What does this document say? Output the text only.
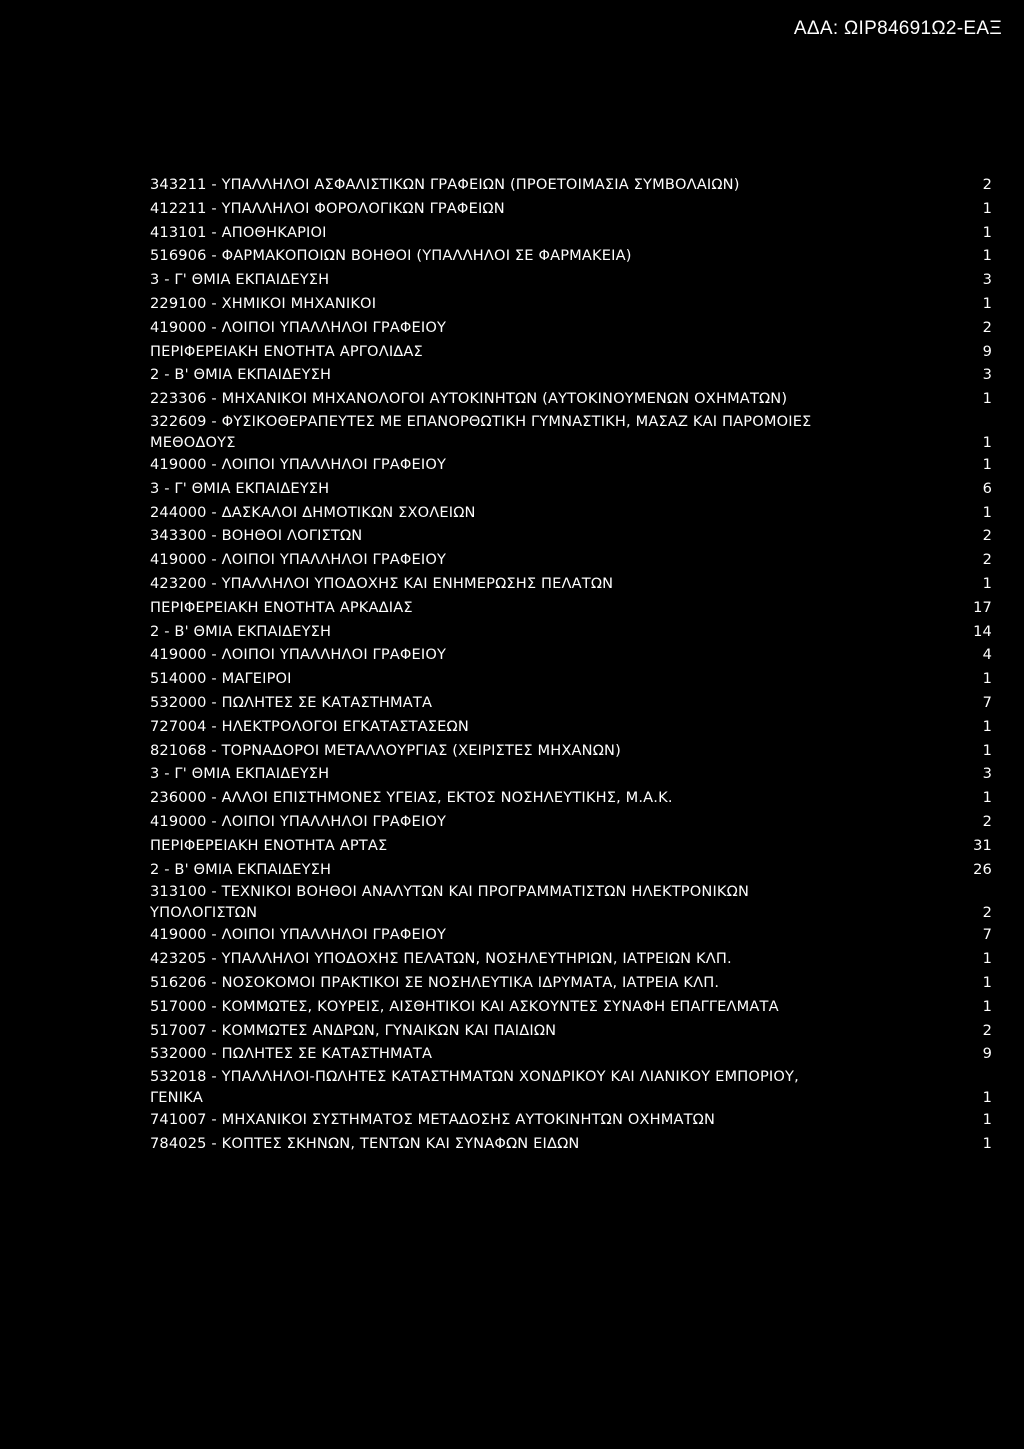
ΑΔΑ: ΩΙΡ84691Ω2-ΕΑΞ
343211 - ΥΠΑΛΛΗΛΟΙ ΑΣΦΑΛΙΣΤΙΚΩΝ ΓΡΑΦΕΙΩΝ (ΠΡΟΕΤΟΙΜΑΣΙΑ ΣΥΜΒΟΛΑΙΩΝ)	2
412211 - ΥΠΑΛΛΗΛΟΙ ΦΟΡΟΛΟΓΙΚΩΝ ΓΡΑΦΕΙΩΝ	1
413101 - ΑΠΟΘΗΚΑΡΙΟΙ	1
516906 - ΦΑΡΜΑΚΟΠΟΙΩΝ ΒΟΗΘΟΙ (ΥΠΑΛΛΗΛΟΙ ΣΕ ΦΑΡΜΑΚΕΙΑ)	1
3 - Γ' ΘΜΙΑ ΕΚΠΑΙΔΕΥΣΗ	3
229100 - ΧΗΜΙΚΟΙ ΜΗΧΑΝΙΚΟΙ	1
419000 - ΛΟΙΠΟΙ ΥΠΑΛΛΗΛΟΙ ΓΡΑΦΕΙΟΥ	2
ΠΕΡΙΦΕΡΕΙΑΚΗ ΕΝΟΤΗΤΑ ΑΡΓΟΛΙΔΑΣ	9
2 - Β' ΘΜΙΑ ΕΚΠΑΙΔΕΥΣΗ	3
223306 - ΜΗΧΑΝΙΚΟΙ ΜΗΧΑΝΟΛΟΓΟΙ ΑΥΤΟΚΙΝΗΤΩΝ (ΑΥΤΟΚΙΝΟΥΜΕΝΩΝ ΟΧΗΜΑΤΩΝ)	1
322609 - ΦΥΣΙΚΟΘΕΡΑΠΕΥΤΕΣ ΜΕ ΕΠΑΝΟΡΘΩΤΙΚΗ ΓΥΜΝΑΣΤΙΚΗ, ΜΑΣΑΖ ΚΑΙ ΠΑΡΟΜΟΙΕΣ
ΜΕΘΟΔΟΥΣ	1
419000 - ΛΟΙΠΟΙ ΥΠΑΛΛΗΛΟΙ ΓΡΑΦΕΙΟΥ	1
3 - Γ' ΘΜΙΑ ΕΚΠΑΙΔΕΥΣΗ	6
244000 - ΔΑΣΚΑΛΟΙ ΔΗΜΟΤΙΚΩΝ ΣΧΟΛΕΙΩΝ	1
343300 - ΒΟΗΘΟΙ ΛΟΓΙΣΤΩΝ	2
419000 - ΛΟΙΠΟΙ ΥΠΑΛΛΗΛΟΙ ΓΡΑΦΕΙΟΥ	2
423200 - ΥΠΑΛΛΗΛΟΙ ΥΠΟΔΟΧΗΣ ΚΑΙ ΕΝΗΜΕΡΩΣΗΣ ΠΕΛΑΤΩΝ	1
ΠΕΡΙΦΕΡΕΙΑΚΗ ΕΝΟΤΗΤΑ ΑΡΚΑΔΙΑΣ	17
2 - Β' ΘΜΙΑ ΕΚΠΑΙΔΕΥΣΗ	14
419000 - ΛΟΙΠΟΙ ΥΠΑΛΛΗΛΟΙ ΓΡΑΦΕΙΟΥ	4
514000 - ΜΑΓΕΙΡΟΙ	1
532000 - ΠΩΛΗΤΕΣ ΣΕ ΚΑΤΑΣΤΗΜΑΤΑ	7
727004 - ΗΛΕΚΤΡΟΛΟΓΟΙ ΕΓΚΑΤΑΣΤΑΣΕΩΝ	1
821068 - ΤΟΡΝΑΔΟΡΟΙ ΜΕΤΑΛΛΟΥΡΓΙΑΣ (ΧΕΙΡΙΣΤΕΣ ΜΗΧΑΝΩΝ)	1
3 - Γ' ΘΜΙΑ ΕΚΠΑΙΔΕΥΣΗ	3
236000 - ΑΛΛΟΙ ΕΠΙΣΤΗΜΟΝΕΣ ΥΓΕΙΑΣ, ΕΚΤΟΣ ΝΟΣΗΛΕΥΤΙΚΗΣ, Μ.Α.Κ.	1
419000 - ΛΟΙΠΟΙ ΥΠΑΛΛΗΛΟΙ ΓΡΑΦΕΙΟΥ	2
ΠΕΡΙΦΕΡΕΙΑΚΗ ΕΝΟΤΗΤΑ ΑΡΤΑΣ	31
2 - Β' ΘΜΙΑ ΕΚΠΑΙΔΕΥΣΗ	26
313100 - ΤΕΧΝΙΚΟΙ ΒΟΗΘΟΙ ΑΝΑΛΥΤΩΝ ΚΑΙ ΠΡΟΓΡΑΜΜΑΤΙΣΤΩΝ ΗΛΕΚΤΡΟΝΙΚΩΝ
ΥΠΟΛΟΓΙΣΤΩΝ	2
419000 - ΛΟΙΠΟΙ ΥΠΑΛΛΗΛΟΙ ΓΡΑΦΕΙΟΥ	7
423205 - ΥΠΑΛΛΗΛΟΙ ΥΠΟΔΟΧΗΣ ΠΕΛΑΤΩΝ, ΝΟΣΗΛΕΥΤΗΡΙΩΝ, ΙΑΤΡΕΙΩΝ ΚΛΠ.	1
516206 - ΝΟΣΟΚΟΜΟΙ ΠΡΑΚΤΙΚΟΙ ΣΕ ΝΟΣΗΛΕΥΤΙΚΑ ΙΔΡΥΜΑΤΑ, ΙΑΤΡΕΙΑ ΚΛΠ.	1
517000 - ΚΟΜΜΩΤΕΣ, ΚΟΥΡΕΙΣ, ΑΙΣΘΗΤΙΚΟΙ ΚΑΙ ΑΣΚΟΥΝΤΕΣ ΣΥΝΑΦΗ ΕΠΑΓΓΕΛΜΑΤΑ	1
517007 - ΚΟΜΜΩΤΕΣ ΑΝΔΡΩΝ, ΓΥΝΑΙΚΩΝ ΚΑΙ ΠΑΙΔΙΩΝ	2
532000 - ΠΩΛΗΤΕΣ ΣΕ ΚΑΤΑΣΤΗΜΑΤΑ	9
532018 - ΥΠΑΛΛΗΛΟΙ-ΠΩΛΗΤΕΣ ΚΑΤΑΣΤΗΜΑΤΩΝ ΧΟΝΔΡΙΚΟΥ ΚΑΙ ΛΙΑΝΙΚΟΥ ΕΜΠΟΡΙΟΥ,
ΓΕΝΙΚΑ	1
741007 - ΜΗΧΑΝΙΚΟΙ ΣΥΣΤΗΜΑΤΟΣ ΜΕΤΑΔΟΣΗΣ ΑΥΤΟΚΙΝΗΤΩΝ ΟΧΗΜΑΤΩΝ	1
784025 - ΚΟΠΤΕΣ ΣΚΗΝΩΝ, ΤΕΝΤΩΝ ΚΑΙ ΣΥΝΑΦΩΝ ΕΙΔΩΝ	1
